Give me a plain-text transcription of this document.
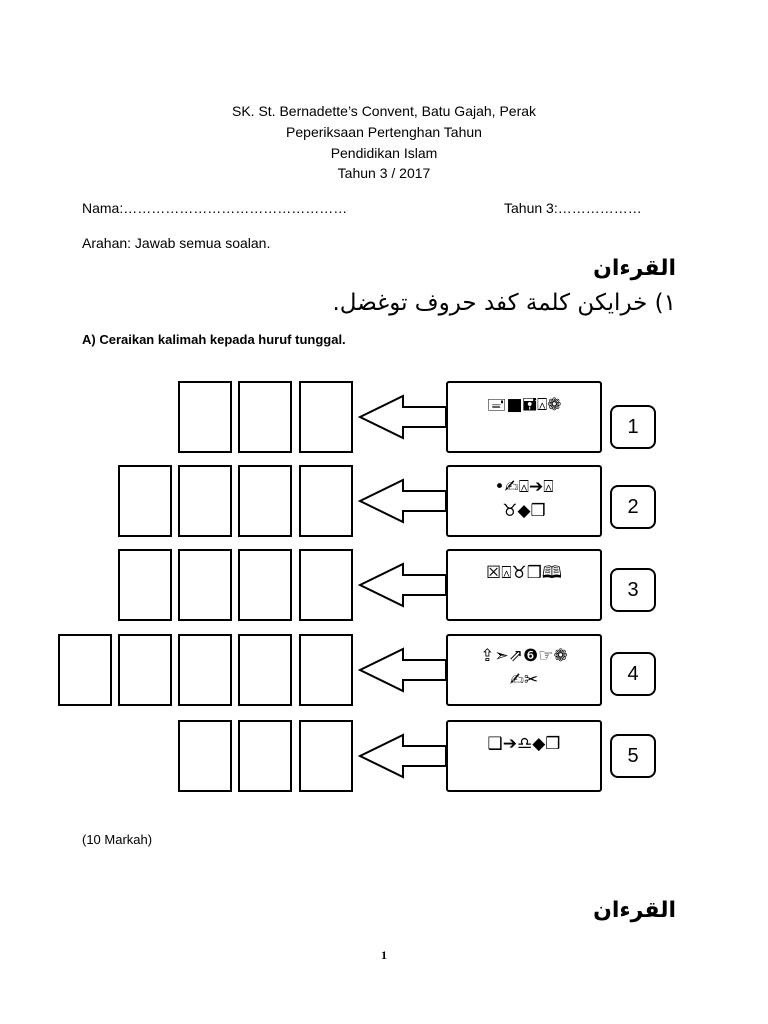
SK. St. Bernadette’s Convent, Batu Gajah, Perak
Peperiksaan Pertenghan Tahun
Pendidikan Islam
Tahun 3 / 2017
Nama:…………………………………………	Tahun 3:………………
Arahan: Jawab semua soalan.
القرءان
١) خرايكن كلمة كفد حروف توغضل.
A) Ceraikan kalimah kepada huruf tunggal.
🖃■🖬⍓❁
1
•✍⍓➔⍓
♉◆❒	2
☒⍓♉❒🕮
3
⇪➣⇗❻☞❁
✍✂	4
❑➔♎◆❒
5
(10 Markah)
القرءان
1
